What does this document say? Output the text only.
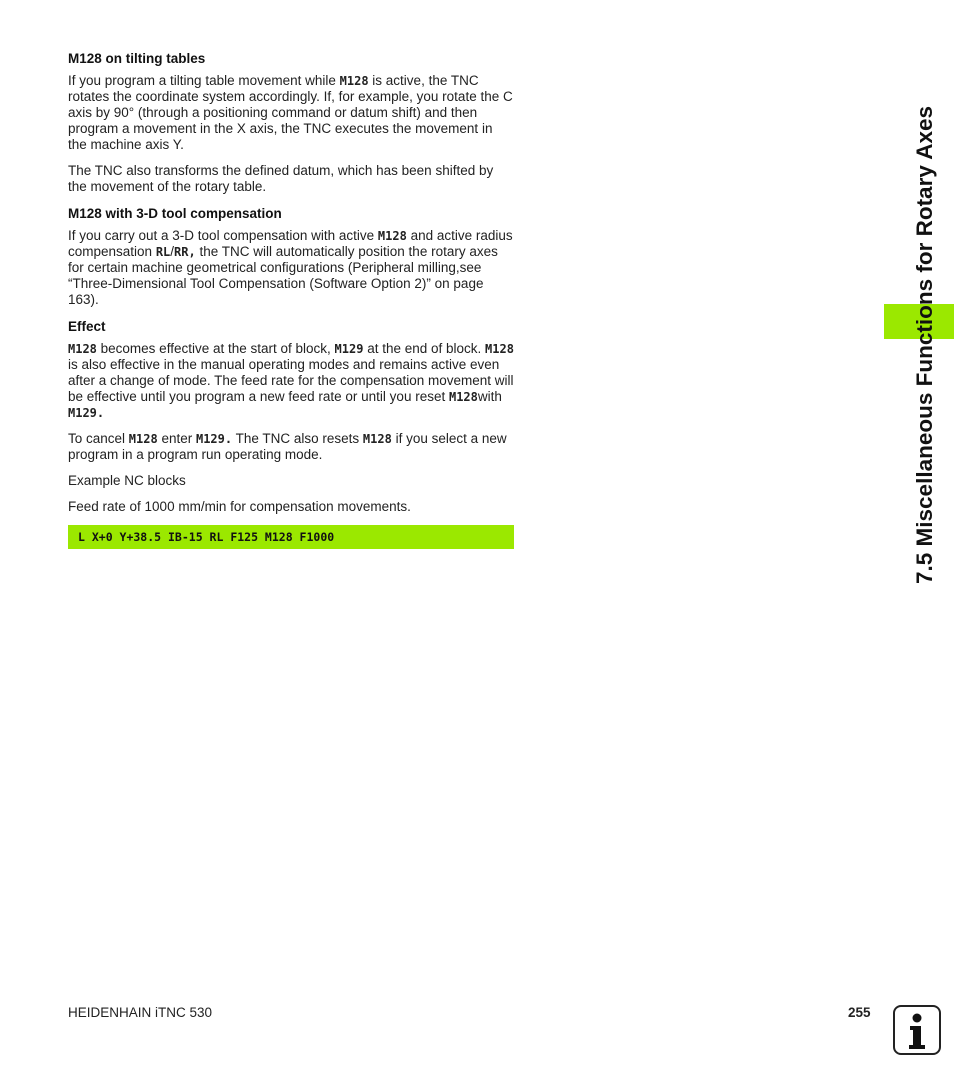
M128 on tilting tables

If you program a tilting table movement while M128 is active, the TNC rotates the coordinate system accordingly. If, for example, you rotate the C axis by 90° (through a positioning command or datum shift) and then program a movement in the X axis, the TNC executes the movement in the machine axis Y.

The TNC also transforms the defined datum, which has been shifted by the movement of the rotary table.

M128 with 3-D tool compensation

If you carry out a 3-D tool compensation with active M128 and active radius compensation RL/RR, the TNC will automatically position the rotary axes for certain machine geometrical configurations (Peripheral milling,see “Three-Dimensional Tool Compensation (Software Option 2)” on page 163).

Effect

M128 becomes effective at the start of block, M129 at the end of block. M128 is also effective in the manual operating modes and remains active even after a change of mode. The feed rate for the compensation movement will be effective until you program a new feed rate or until you reset M128with M129.

To cancel M128 enter M129. The TNC also resets M128 if you select a new program in a program run operating mode.

Example NC blocks

Feed rate of 1000 mm/min for compensation movements.

L X+0 Y+38.5 IB-15 RL F125 M128 F1000	7.5 Miscellaneous Functions for Rotary Axes
HEIDENHAIN iTNC 530	255
